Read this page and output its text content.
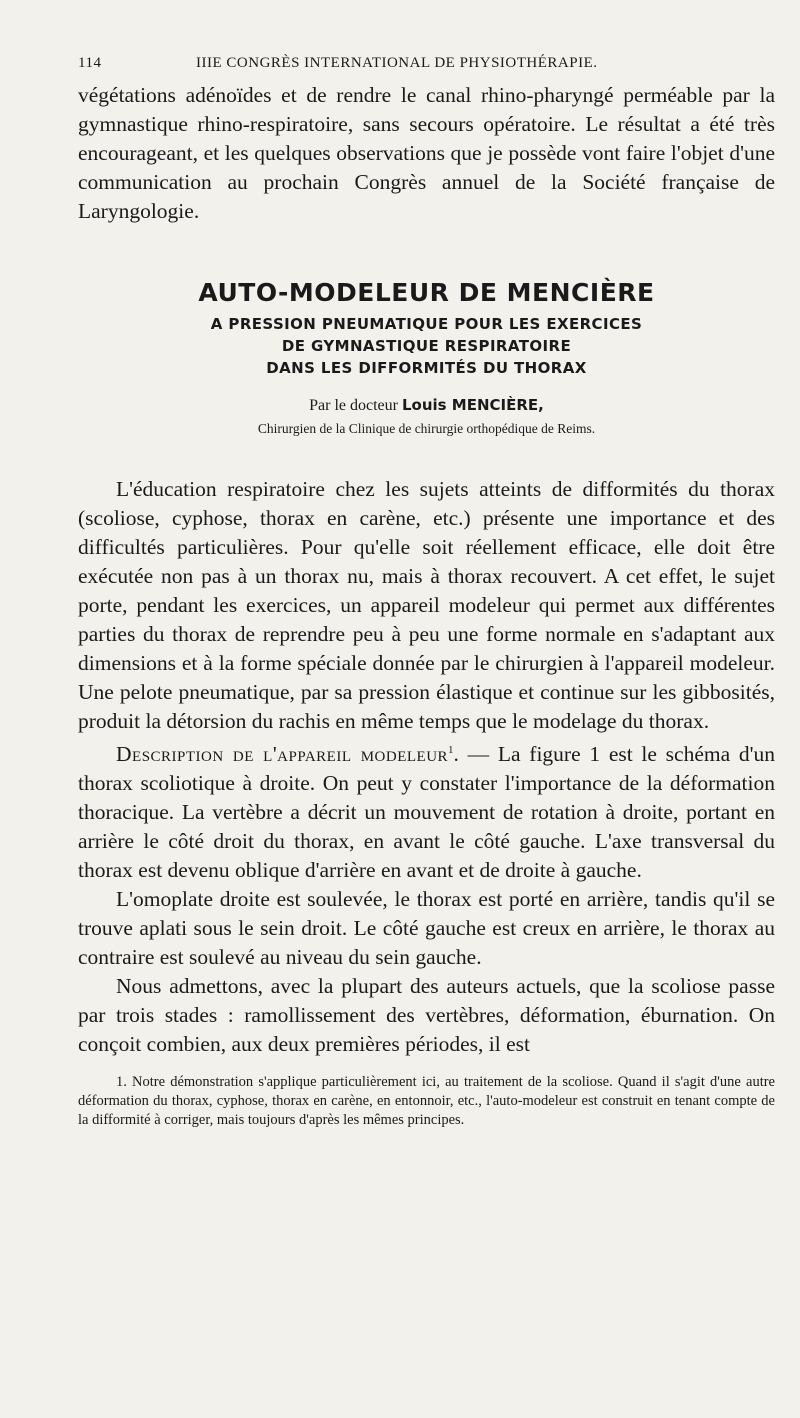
114	IIIE CONGRÈS INTERNATIONAL DE PHYSIOTHÉRAPIE.

végétations adénoïdes et de rendre le canal rhino-pharyngé perméable par la gymnastique rhino-respiratoire, sans secours opératoire. Le résultat a été très encourageant, et les quelques observations que je possède vont faire l'objet d'une communication au prochain Congrès annuel de la Société française de Laryngologie.

AUTO-MODELEUR DE MENCIÈRE
A PRESSION PNEUMATIQUE POUR LES EXERCICES
DE GYMNASTIQUE RESPIRATOIRE
DANS LES DIFFORMITÉS DU THORAX
Par le docteur Louis MENCIÈRE,
Chirurgien de la Clinique de chirurgie orthopédique de Reims.

L'éducation respiratoire chez les sujets atteints de difformités du thorax (scoliose, cyphose, thorax en carène, etc.) présente une importance et des difficultés particulières. Pour qu'elle soit réellement efficace, elle doit être exécutée non pas à un thorax nu, mais à thorax recouvert. A cet effet, le sujet porte, pendant les exercices, un appareil modeleur qui permet aux différentes parties du thorax de reprendre peu à peu une forme normale en s'adaptant aux dimensions et à la forme spéciale donnée par le chirurgien à l'appareil modeleur. Une pelote pneumatique, par sa pression élastique et continue sur les gibbosités, produit la détorsion du rachis en même temps que le modelage du thorax.

Description de l'appareil modeleur$^1$. — La figure 1 est le schéma d'un thorax scoliotique à droite. On peut y constater l'importance de la déformation thoracique. La vertèbre a décrit un mouvement de rotation à droite, portant en arrière le côté droit du thorax, en avant le côté gauche. L'axe transversal du thorax est devenu oblique d'arrière en avant et de droite à gauche.

L'omoplate droite est soulevée, le thorax est porté en arrière, tandis qu'il se trouve aplati sous le sein droit. Le côté gauche est creux en arrière, le thorax au contraire est soulevé au niveau du sein gauche.

Nous admettons, avec la plupart des auteurs actuels, que la scoliose passe par trois stades : ramollissement des vertèbres, déformation, éburnation. On conçoit combien, aux deux premières périodes, il est

1. Notre démonstration s'applique particulièrement ici, au traitement de la scoliose. Quand il s'agit d'une autre déformation du thorax, cyphose, thorax en carène, en entonnoir, etc., l'auto-modeleur est construit en tenant compte de la difformité à corriger, mais toujours d'après les mêmes principes.
